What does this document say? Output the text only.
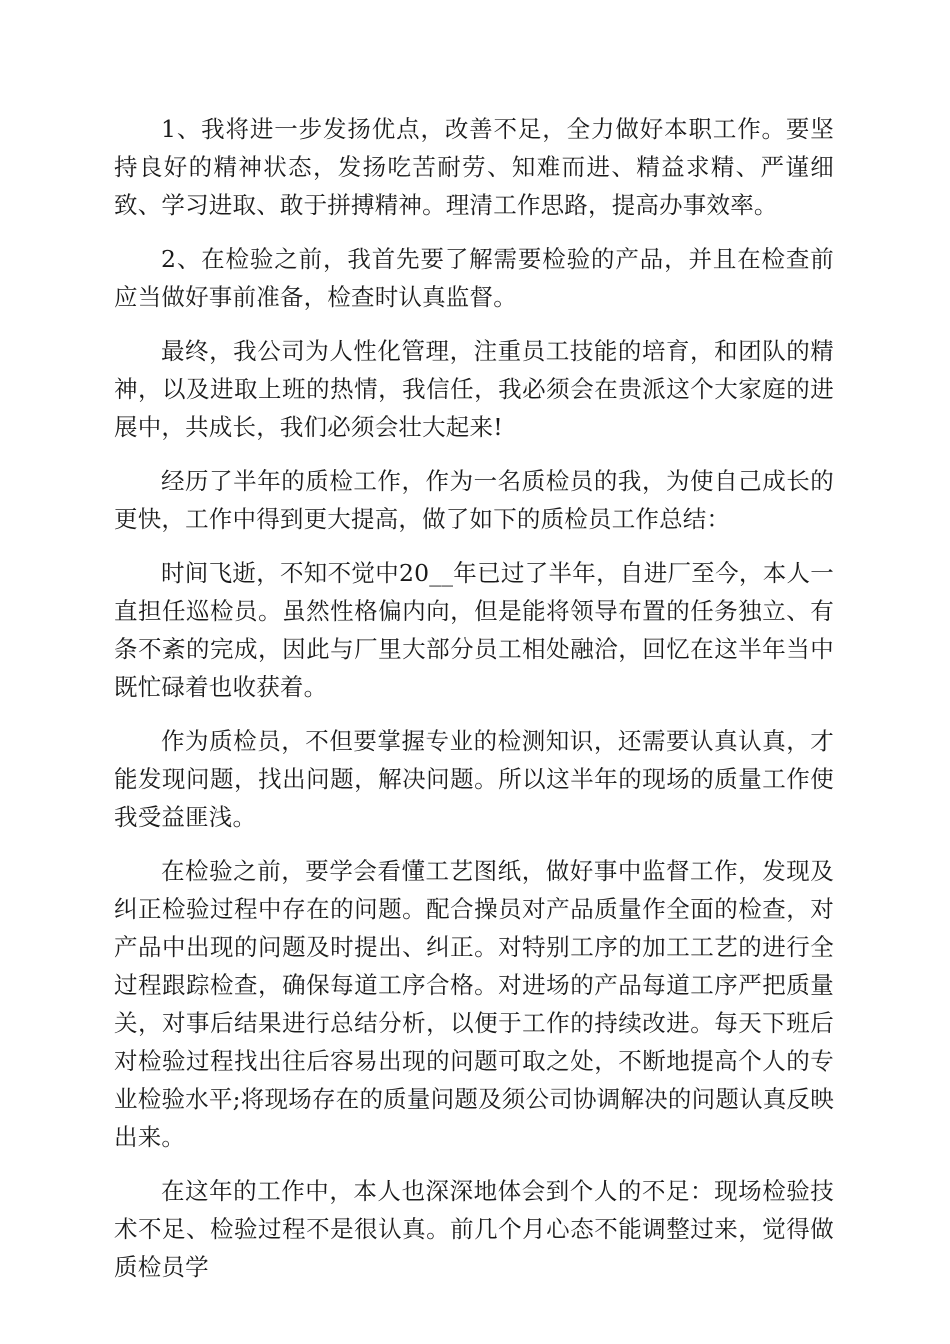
1、我将进一步发扬优点，改善不足，全力做好本职工作。要坚持良好的精神状态，发扬吃苦耐劳、知难而进、精益求精、严谨细致、学习进取、敢于拼搏精神。理清工作思路，提高办事效率。

2、在检验之前，我首先要了解需要检验的产品，并且在检查前应当做好事前准备，检查时认真监督。

最终，我公司为人性化管理，注重员工技能的培育，和团队的精神，以及进取上班的热情，我信任，我必须会在贵派这个大家庭的进展中，共成长，我们必须会壮大起来!

经历了半年的质检工作，作为一名质检员的我，为使自己成长的更快，工作中得到更大提高，做了如下的质检员工作总结：

时间飞逝，不知不觉中20__年已过了半年，自进厂至今，本人一直担任巡检员。虽然性格偏内向，但是能将领导布置的任务独立、有条不紊的完成，因此与厂里大部分员工相处融洽，回忆在这半年当中既忙碌着也收获着。

作为质检员，不但要掌握专业的检测知识，还需要认真认真，才能发现问题，找出问题，解决问题。所以这半年的现场的质量工作使我受益匪浅。

在检验之前，要学会看懂工艺图纸，做好事中监督工作，发现及纠正检验过程中存在的问题。配合操员对产品质量作全面的检查，对产品中出现的问题及时提出、纠正。对特别工序的加工工艺的进行全过程跟踪检查，确保每道工序合格。对进场的产品每道工序严把质量关，对事后结果进行总结分析，以便于工作的持续改进。每天下班后对检验过程找出往后容易出现的问题可取之处，不断地提高个人的专业检验水平;将现场存在的质量问题及须公司协调解决的问题认真反映出来。

在这年的工作中，本人也深深地体会到个人的不足：现场检验技术不足、检验过程不是很认真。前几个月心态不能调整过来，觉得做质检员学
